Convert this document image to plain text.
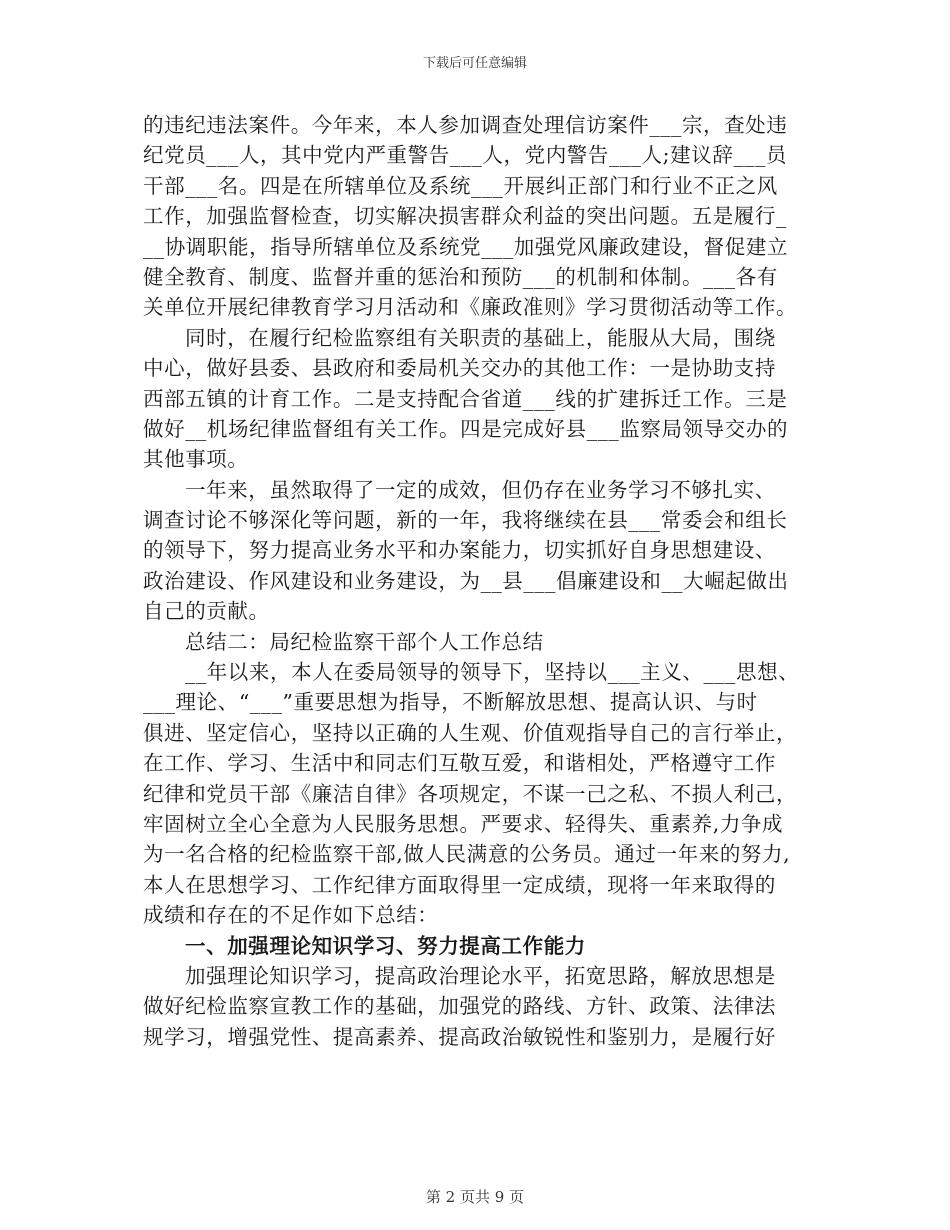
下载后可任意编辑
的违纪违法案件。今年来，本人参加调查处理信访案件___宗，查处违
纪党员___人，其中党内严重警告___人，党内警告___人;建议辞___员
干部___名。四是在所辖单位及系统___开展纠正部门和行业不正之风
工作，加强监督检查，切实解决损害群众利益的突出问题。五是履行_
__协调职能，指导所辖单位及系统党___加强党风廉政建设，督促建立
健全教育、制度、监督并重的惩治和预防___的机制和体制。___各有
关单位开展纪律教育学习月活动和《廉政准则》学习贯彻活动等工作。
同时，在履行纪检监察组有关职责的基础上，能服从大局，围绕
中心，做好县委、县政府和委局机关交办的其他工作：一是协助支持
西部五镇的计育工作。二是支持配合省道___线的扩建拆迁工作。三是
做好__机场纪律监督组有关工作。四是完成好县___监察局领导交办的
其他事项。
一年来，虽然取得了一定的成效，但仍存在业务学习不够扎实、
调查讨论不够深化等问题，新的一年，我将继续在县___常委会和组长
的领导下，努力提高业务水平和办案能力，切实抓好自身思想建设、
政治建设、作风建设和业务建设，为__县___倡廉建设和__大崛起做出
自己的贡献。
总结二：局纪检监察干部个人工作总结
__年以来，本人在委局领导的领导下，坚持以___主义、___思想、
___理论、“___”重要思想为指导，不断解放思想、提高认识、与时
俱进、坚定信心，坚持以正确的人生观、价值观指导自己的言行举止，
在工作、学习、生活中和同志们互敬互爱，和谐相处，严格遵守工作
纪律和党员干部《廉洁自律》各项规定，不谋一己之私、不损人利己，
牢固树立全心全意为人民服务思想。严要求、轻得失、重素养,力争成
为一名合格的纪检监察干部,做人民满意的公务员。通过一年来的努力,
本人在思想学习、工作纪律方面取得里一定成绩，现将一年来取得的
成绩和存在的不足作如下总结：
一、加强理论知识学习、努力提高工作能力
加强理论知识学习，提高政治理论水平，拓宽思路，解放思想是
做好纪检监察宣教工作的基础，加强党的路线、方针、政策、法律法
规学习，增强党性、提高素养、提高政治敏锐性和鉴别力，是履行好
第 2 页共 9 页
